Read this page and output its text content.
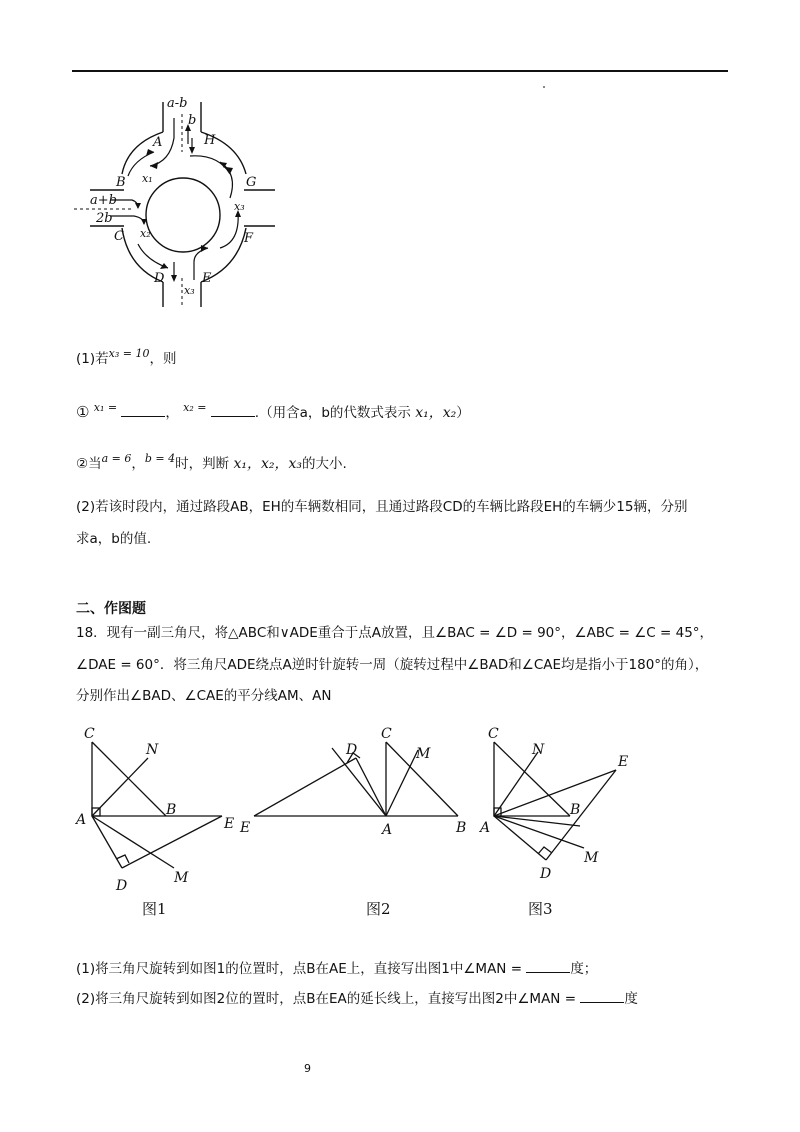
a-b
b
A	H
B x₁	G
a+b	x₃
2b
C x₂	F
D	E
x₃
(1)若$^{x_3 = 10}$，则
① $^{x_1 =}$	， $^{x_2 =}$	.（用含a，b的代数式表示 x₁，x₂）
②当$^{a = 6}$，$^{b = 4}$时，判断 x₁，x₂，x₃的大小.
(2)若该时段内，通过路段AB，EH的车辆数相同，且通过路段CD的车辆比路段EH的车辆少15辆，分别
求a，b的值.
二、作图题
18．现有一副三角尺，将△ABC和∨ADE重合于点A放置，且∠BAC = ∠D = 90°，∠ABC = ∠C = 45°，
∠DAE = 60°．将三角尺ADE绕点A逆时针旋转一周（旋转过程中∠BAD和∠CAE均是指小于180°的角），
分别作出∠BAD、∠CAE的平分线AM、AN
C
N
B
A	E
D	M
图1
D
C
M
E	A	B
图2
C
N
E
B
A
M
D
图3
(1)将三角尺旋转到如图1的位置时，点B在AE上，直接写出图1中∠MAN =	度；
(2)将三角尺旋转到如图2位的置时，点B在EA的延长线上，直接写出图2中∠MAN =	度
9
